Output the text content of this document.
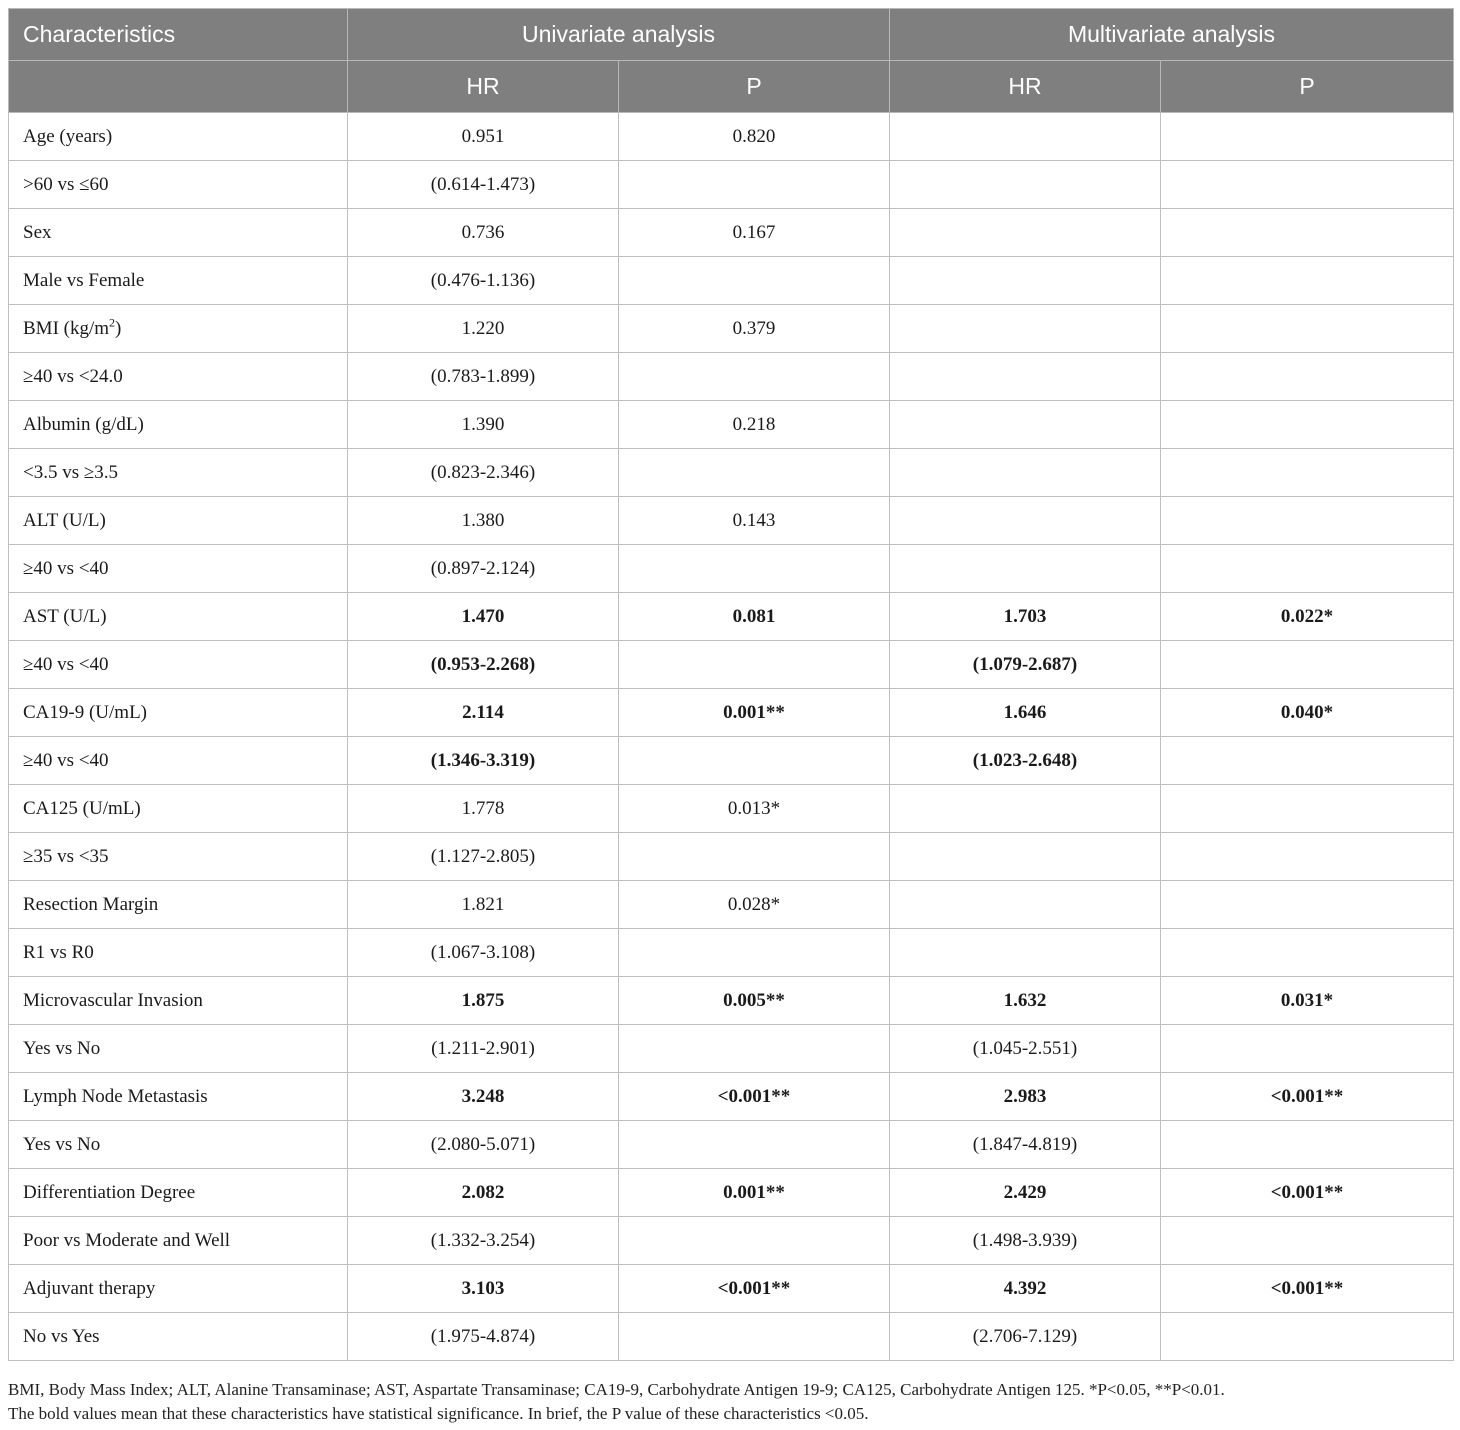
Characteristics	Univariate analysis		Multivariate analysis	
	HR	P	HR	P
Age (years)	0.951	0.820		
>60 vs ≤60	(0.614-1.473)			
Sex	0.736	0.167		
Male vs Female	(0.476-1.136)			
BMI $(kg/m^2)$	1.220	0.379		
≥40 vs <24.0	(0.783-1.899)			
Albumin (g/dL)	1.390	0.218		
<3.5 vs ≥3.5	(0.823-2.346)			
ALT (U/L)	1.380	0.143		
≥40 vs <40	(0.897-2.124)			
AST (U/L)	1.470	0.081	1.703	0.022*
≥40 vs <40	(0.953-2.268)		(1.079-2.687)	
CA19-9 (U/mL)	2.114	0.001**	1.646	0.040*
≥40 vs <40	(1.346-3.319)		(1.023-2.648)	
CA125 (U/mL)	1.778	0.013*		
≥35 vs <35	(1.127-2.805)			
Resection Margin	1.821	0.028*		
R1 vs R0	(1.067-3.108)			
Microvascular Invasion	1.875	0.005**	1.632	0.031*
Yes vs No	(1.211-2.901)		(1.045-2.551)	
Lymph Node Metastasis	3.248	<0.001**	2.983	<0.001**
Yes vs No	(2.080-5.071)		(1.847-4.819)	
Differentiation Degree	2.082	0.001**	2.429	<0.001**
Poor vs Moderate and Well	(1.332-3.254)		(1.498-3.939)	
Adjuvant therapy	3.103	<0.001**	4.392	<0.001**
No vs Yes	(1.975-4.874)		(2.706-7.129)	
BMI, Body Mass Index; ALT, Alanine Transaminase; AST, Aspartate Transaminase; CA19-9, Carbohydrate Antigen 19-9; CA125, Carbohydrate Antigen 125. *P<0.05, **P<0.01.
The bold values mean that these characteristics have statistical significance. In brief, the P value of these characteristics <0.05.
